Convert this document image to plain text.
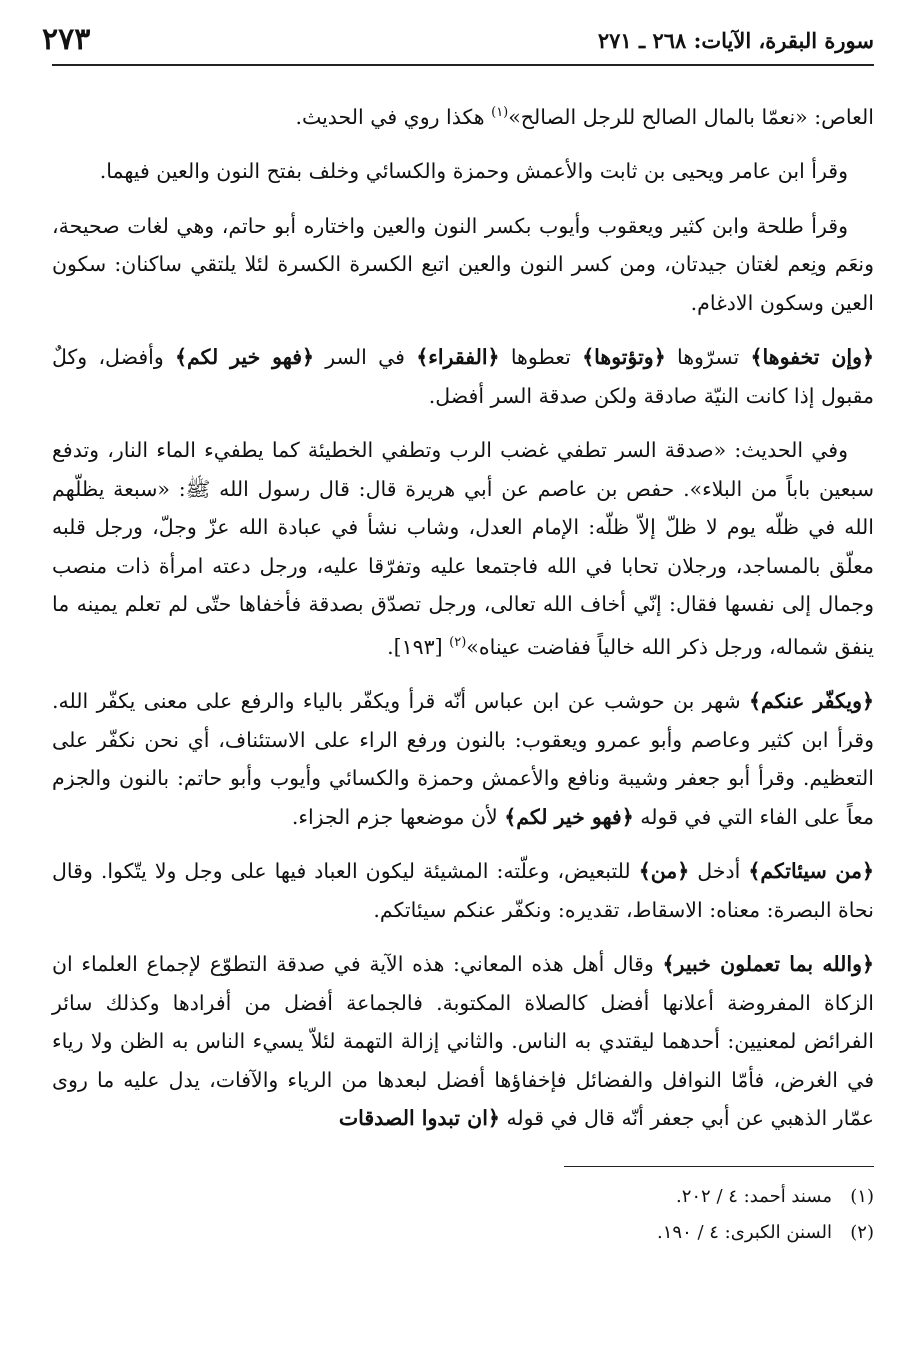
سورة البقرة، الآيات: ٢٦٨ ـ ٢٧١
٢٧٣

العاص: «نعمّا بالمال الصالح للرجل الصالح»$^{(١)}$ هكذا روي في الحديث.

وقرأ ابن عامر ويحيى بن ثابت والأعمش وحمزة والكسائي وخلف بفتح النون والعين فيهما.

وقرأ طلحة وابن كثير ويعقوب وأيوب بكسر النون والعين واختاره أبو حاتم، وهي لغات صحيحة، ونعَم ونِعم لغتان جيدتان، ومن كسر النون والعين اتبع الكسرة الكسرة لئلا يلتقي ساكنان: سكون العين وسكون الادغام.

﴿وإن تخفوها﴾ تسرّوها ﴿وتؤتوها﴾ تعطوها ﴿الفقراء﴾ في السر ﴿فهو خير لكم﴾ وأفضل، وكلٌ مقبول إذا كانت النيّة صادقة ولكن صدقة السر أفضل.

وفي الحديث: «صدقة السر تطفي غضب الرب وتطفي الخطيئة كما يطفيء الماء النار، وتدفع سبعين باباً من البلاء». حفص بن عاصم عن أبي هريرة قال: قال رسول الله ﷺ: «سبعة يظلّهم الله في ظلّه يوم لا ظلّ إلاّ ظلّه: الإمام العدل، وشاب نشأ في عبادة الله عزّ وجلّ، ورجل قلبه معلّق بالمساجد، ورجلان تحابا في الله فاجتمعا عليه وتفرّقا عليه، ورجل دعته امرأة ذات منصب وجمال إلى نفسها فقال: إنّي أخاف الله تعالى، ورجل تصدّق بصدقة فأخفاها حتّى لم تعلم يمينه ما ينفق شماله، ورجل ذكر الله خالياً ففاضت عيناه»$^{(٢)}$ [١٩٣].

﴿ويكفّر عنكم﴾ شهر بن حوشب عن ابن عباس أنّه قرأ ويكفّر بالياء والرفع على معنى يكفّر الله. وقرأ ابن كثير وعاصم وأبو عمرو ويعقوب: بالنون ورفع الراء على الاستئناف، أي نحن نكفّر على التعظيم. وقرأ أبو جعفر وشيبة ونافع والأعمش وحمزة والكسائي وأيوب وأبو حاتم: بالنون والجزم معاً على الفاء التي في قوله ﴿فهو خير لكم﴾ لأن موضعها جزم الجزاء.

﴿من سيئاتكم﴾ أدخل ﴿من﴾ للتبعيض، وعلّته: المشيئة ليكون العباد فيها على وجل ولا يتّكوا. وقال نحاة البصرة: معناه: الاسقاط، تقديره: ونكفّر عنكم سيئاتكم.

﴿والله بما تعملون خبير﴾ وقال أهل هذه المعاني: هذه الآية في صدقة التطوّع لإجماع العلماء ان الزكاة المفروضة أعلانها أفضل كالصلاة المكتوبة. فالجماعة أفضل من أفرادها وكذلك سائر الفرائض لمعنيين: أحدهما ليقتدي به الناس. والثاني إزالة التهمة لئلاّ يسيء الناس به الظن ولا رياء في الغرض، فأمّا النوافل والفضائل فإخفاؤها أفضل لبعدها من الرياء والآفات، يدل عليه ما روى عمّار الذهبي عن أبي جعفر أنّه قال في قوله ﴿ان تبدوا الصدقات

(١)مسند أحمد: ٤ / ٢٠٢.
(٢)السنن الكبرى: ٤ / ١٩٠.
